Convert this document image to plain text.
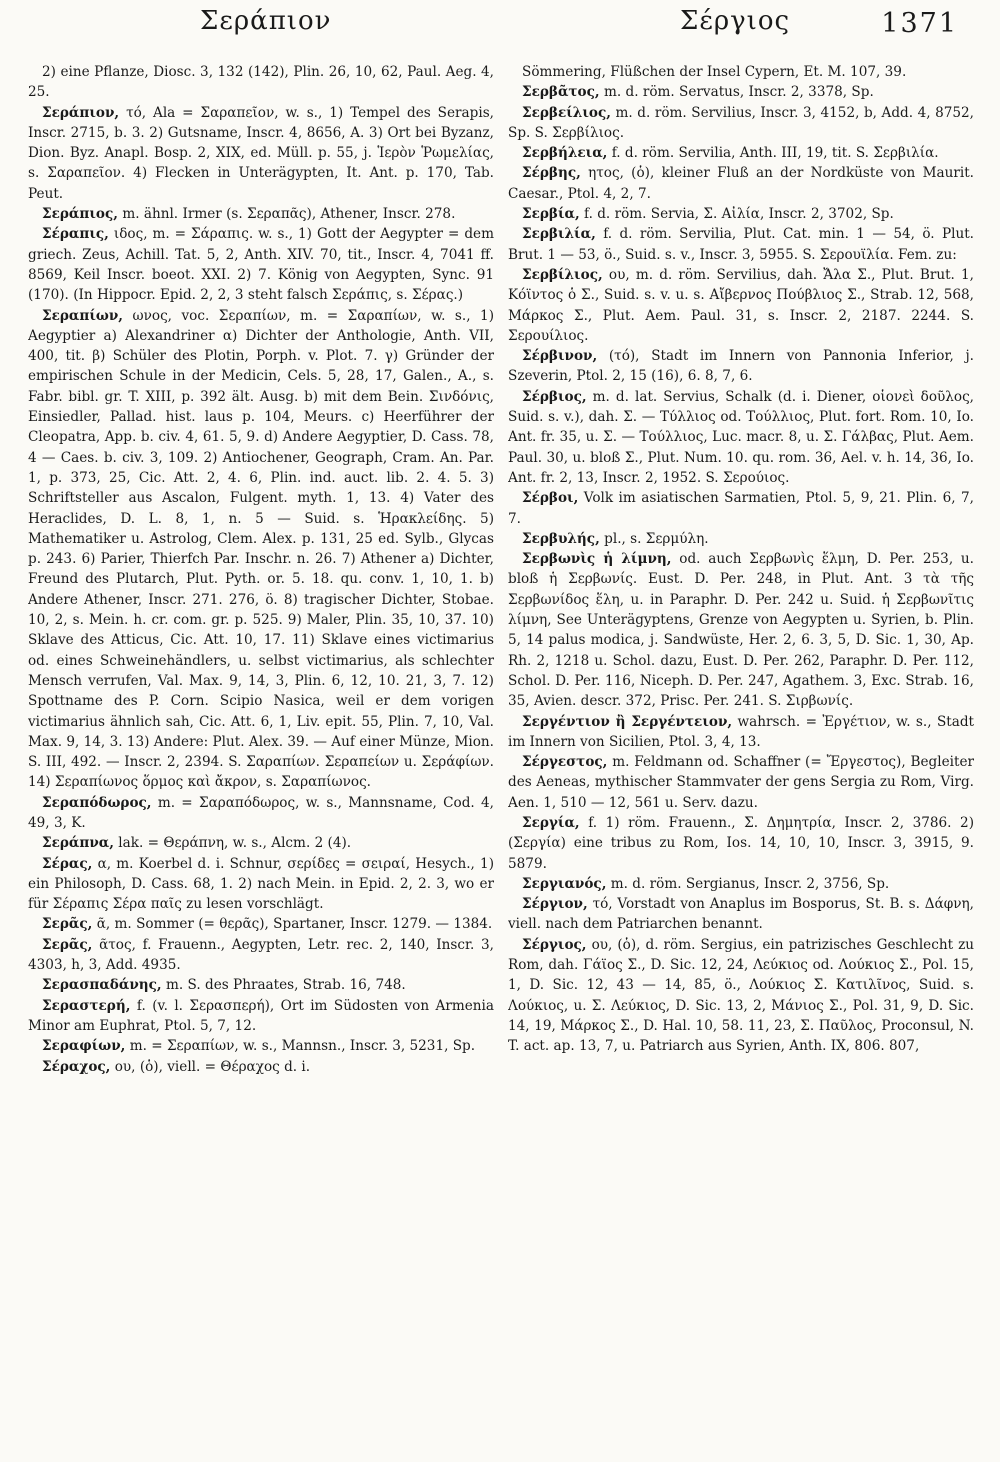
Σεράπιον	Σέργιος	1371

2) eine Pflanze, Diosc. 3, 132 (142), Plin. 26, 10, 62, Paul. Aeg. 4, 25.

Σεράπιον, τό, Ala = Σαραπεῖον, w. s., 1) Tempel des Serapis, Inscr. 2715, b. 3. 2) Gutsname, Inscr. 4, 8656, A. 3) Ort bei Byzanz, Dion. Byz. Anapl. Bosp. 2, XIX, ed. Müll. p. 55, j. Ἱερὸν Ῥωμελίας, s. Σαραπεῖον. 4) Flecken in Unterägypten, It. Ant. p. 170, Tab. Peut.

Σεράπιος, m. ähnl. Irmer (s. Σεραπᾶς), Athener, Inscr. 278.

Σέραπις, ιδος, m. = Σάραπις. w. s., 1) Gott der Aegypter = dem griech. Zeus, Achill. Tat. 5, 2, Anth. XIV. 70, tit., Inscr. 4, 7041 ff. 8569, Keil Inscr. boeot. XXI. 2) 7. König von Aegypten, Sync. 91 (170). (In Hippocr. Epid. 2, 2, 3 steht falsch Σεράπις, s. Σέρας.)

Σεραπίων, ωνος, voc. Σεραπίων, m. = Σαραπίων, w. s., 1) Aegyptier a) Alexandriner α) Dichter der Anthologie, Anth. VII, 400, tit. β) Schüler des Plotin, Porph. v. Plot. 7. γ) Gründer der empirischen Schule in der Medicin, Cels. 5, 28, 17, Galen., A., s. Fabr. bibl. gr. T. XIII, p. 392 ält. Ausg. b) mit dem Bein. Σινδόνις, Einsiedler, Pallad. hist. laus p. 104, Meurs. c) Heerführer der Cleopatra, App. b. civ. 4, 61. 5, 9. d) Andere Aegyptier, D. Cass. 78, 4 — Caes. b. civ. 3, 109. 2) Antiochener, Geograph, Cram. An. Par. 1, p. 373, 25, Cic. Att. 2, 4. 6, Plin. ind. auct. lib. 2. 4. 5. 3) Schriftsteller aus Ascalon, Fulgent. myth. 1, 13. 4) Vater des Heraclides, D. L. 8, 1, n. 5 — Suid. s. Ἡρακλείδης. 5) Mathematiker u. Astrolog, Clem. Alex. p. 131, 25 ed. Sylb., Glycas p. 243. 6) Parier, Thierfch Par. Inschr. n. 26. 7) Athener a) Dichter, Freund des Plutarch, Plut. Pyth. or. 5. 18. qu. conv. 1, 10, 1. b) Andere Athener, Inscr. 271. 276, ö. 8) tragischer Dichter, Stobae. 10, 2, s. Mein. h. cr. com. gr. p. 525. 9) Maler, Plin. 35, 10, 37. 10) Sklave des Atticus, Cic. Att. 10, 17. 11) Sklave eines victimarius od. eines Schweinehändlers, u. selbst victimarius, als schlechter Mensch verrufen, Val. Max. 9, 14, 3, Plin. 6, 12, 10. 21, 3, 7. 12) Spottname des P. Corn. Scipio Nasica, weil er dem vorigen victimarius ähnlich sah, Cic. Att. 6, 1, Liv. epit. 55, Plin. 7, 10, Val. Max. 9, 14, 3. 13) Andere: Plut. Alex. 39. — Auf einer Münze, Mion. S. III, 492. — Inscr. 2, 2394. S. Σαραπίων. Σεραπείων u. Σεράφίων. 14) Σεραπίωνος ὅρμος καὶ ἄκρον, s. Σαραπίωνος.

Σεραπόδωρος, m. = Σαραπόδωρος, w. s., Mannsname, Cod. 4, 49, 3, K.

Σεράπνα, lak. = Θεράπνη, w. s., Alcm. 2 (4).

Σέρας, α, m. Koerbel d. i. Schnur, σερίδες = σειραί, Hesych., 1) ein Philosoph, D. Cass. 68, 1. 2) nach Mein. in Epid. 2, 2. 3, wo er für Σέραπις Σέρα παῖς zu lesen vorschlägt.

Σερᾶς, ᾶ, m. Sommer (= θερᾶς), Spartaner, Inscr. 1279. — 1384.

Σερᾶς, ᾶτος, f. Frauenn., Aegypten, Letr. rec. 2, 140, Inscr. 3, 4303, h, 3, Add. 4935.

Σερασπαδάνης, m. S. des Phraates, Strab. 16, 748.

Σεραστερή, f. (v. l. Σερασπερή), Ort im Südosten von Armenia Minor am Euphrat, Ptol. 5, 7, 12.

Σεραφίων, m. = Σεραπίων, w. s., Mannsn., Inscr. 3, 5231, Sp.

Σέραχος, ου, (ὁ), viell. = Θέραχος d. i.

Sömmering, Flüßchen der Insel Cypern, Et. M. 107, 39.

Σερβᾶτος, m. d. röm. Servatus, Inscr. 2, 3378, Sp.

Σερβείλιος, m. d. röm. Servilius, Inscr. 3, 4152, b, Add. 4, 8752, Sp. S. Σερβίλιος.

Σερβήλεια, f. d. röm. Servilia, Anth. III, 19, tit. S. Σερβιλία.

Σέρβης, ητος, (ὁ), kleiner Fluß an der Nordküste von Maurit. Caesar., Ptol. 4, 2, 7.

Σερβία, f. d. röm. Servia, Σ. Αἰλία, Inscr. 2, 3702, Sp.

Σερβιλία, f. d. röm. Servilia, Plut. Cat. min. 1 — 54, ö. Plut. Brut. 1 — 53, ö., Suid. s. v., Inscr. 3, 5955. S. Σερουϊλία. Fem. zu:

Σερβίλιος, ου, m. d. röm. Servilius, dah. Ἄλα Σ., Plut. Brut. 1, Κόϊντος ὁ Σ., Suid. s. v. u. s. Αἴβερνος Πούβλιος Σ., Strab. 12, 568, Μάρκος Σ., Plut. Aem. Paul. 31, s. Inscr. 2, 2187. 2244. S. Σερουίλιος.

Σέρβινον, (τό), Stadt im Innern von Pannonia Inferior, j. Szeverin, Ptol. 2, 15 (16), 6. 8, 7, 6.

Σέρβιος, m. d. lat. Servius, Schalk (d. i. Diener, οἱονεὶ δοῦλος, Suid. s. v.), dah. Σ. — Τύλλιος od. Τούλλιος, Plut. fort. Rom. 10, Io. Ant. fr. 35, u. Σ. — Τούλλιος, Luc. macr. 8, u. Σ. Γάλβας, Plut. Aem. Paul. 30, u. bloß Σ., Plut. Num. 10. qu. rom. 36, Ael. v. h. 14, 36, Io. Ant. fr. 2, 13, Inscr. 2, 1952. S. Σερούιος.

Σέρβοι, Volk im asiatischen Sarmatien, Ptol. 5, 9, 21. Plin. 6, 7, 7.

Σερβυλής, pl., s. Σερμύλη.

Σερβωνὶς ἡ λίμνη, od. auch Σερβωνὶς ἕλμη, D. Per. 253, u. bloß ἡ Σερβωνίς. Eust. D. Per. 248, in Plut. Ant. 3 τὰ τῆς Σερβωνίδος ἕλη, u. in Paraphr. D. Per. 242 u. Suid. ἡ Σερβωνῖτις λίμνη, See Unterägyptens, Grenze von Aegypten u. Syrien, b. Plin. 5, 14 palus modica, j. Sandwüste, Her. 2, 6. 3, 5, D. Sic. 1, 30, Ap. Rh. 2, 1218 u. Schol. dazu, Eust. D. Per. 262, Paraphr. D. Per. 112, Schol. D. Per. 116, Niceph. D. Per. 247, Agathem. 3, Exc. Strab. 16, 35, Avien. descr. 372, Prisc. Per. 241. S. Σιρβωνίς.

Σεργέντιον ἢ Σεργέντειον, wahrsch. = Ἐργέτιον, w. s., Stadt im Innern von Sicilien, Ptol. 3, 4, 13.

Σέργεστος, m. Feldmann od. Schaffner (= Ἔργεστος), Begleiter des Aeneas, mythischer Stammvater der gens Sergia zu Rom, Virg. Aen. 1, 510 — 12, 561 u. Serv. dazu.

Σεργία, f. 1) röm. Frauenn., Σ. Δημητρία, Inscr. 2, 3786. 2) (Σεργία) eine tribus zu Rom, Ios. 14, 10, 10, Inscr. 3, 3915, 9. 5879.

Σεργιανός, m. d. röm. Sergianus, Inscr. 2, 3756, Sp.

Σέργιον, τό, Vorstadt von Anaplus im Bosporus, St. B. s. Δάφνη, viell. nach dem Patriarchen benannt.

Σέργιος, ου, (ὁ), d. röm. Sergius, ein patrizisches Geschlecht zu Rom, dah. Γάϊος Σ., D. Sic. 12, 24, Λεύκιος od. Λούκιος Σ., Pol. 15, 1, D. Sic. 12, 43 — 14, 85, ö., Λούκιος Σ. Κατιλῖνος, Suid. s. Λούκιος, u. Σ. Λεύκιος, D. Sic. 13, 2, Μάνιος Σ., Pol. 31, 9, D. Sic. 14, 19, Μάρκος Σ., D. Hal. 10, 58. 11, 23, Σ. Παῦλος, Proconsul, N. T. act. ap. 13, 7, u. Patriarch aus Syrien, Anth. IX, 806. 807,
